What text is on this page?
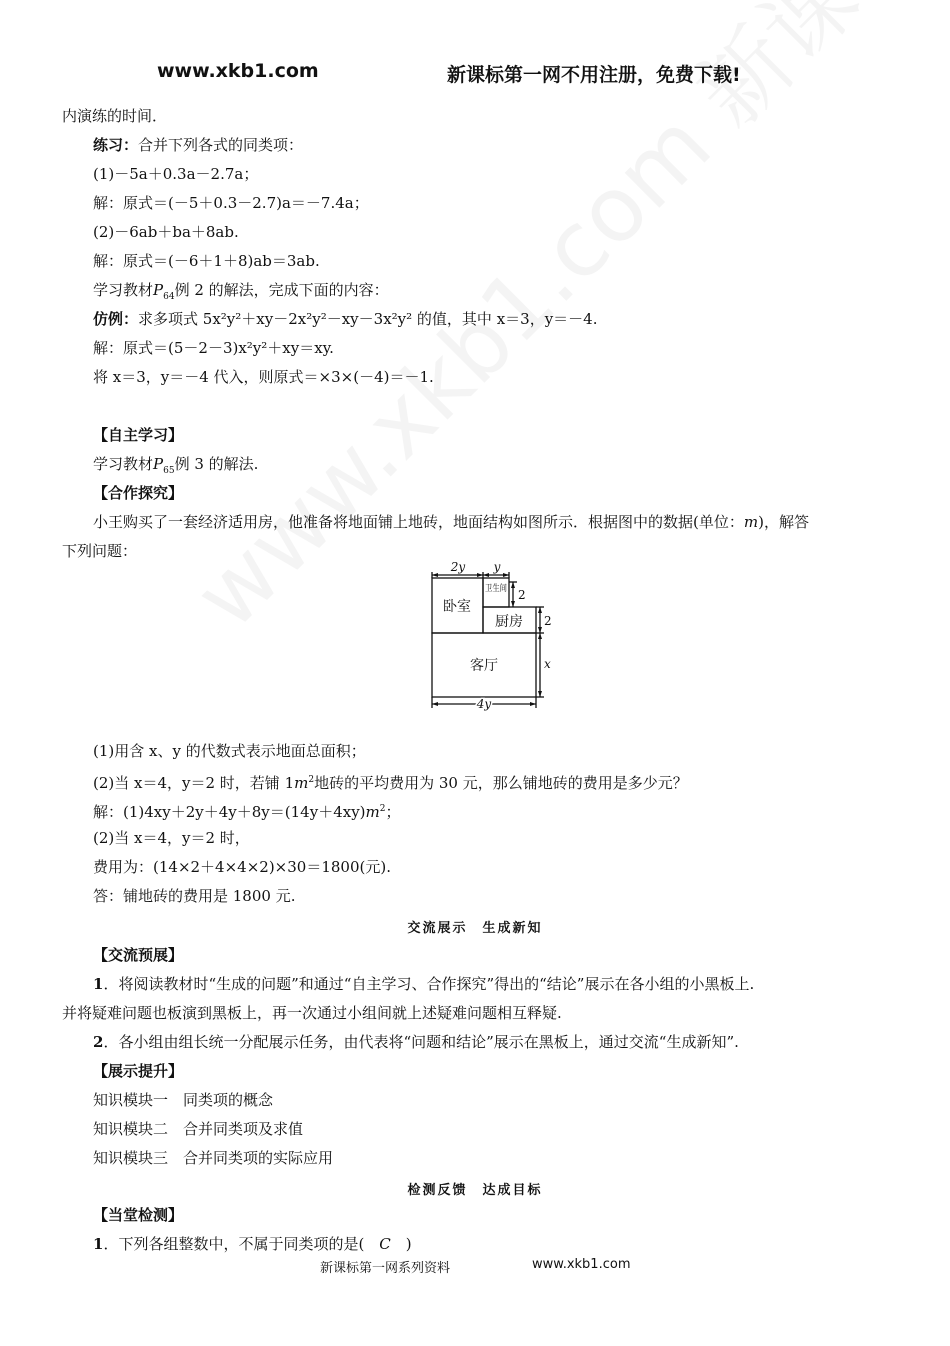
www.xkb1.com	新课标第一网不用注册，免费下载!
内演练的时间．
练习：合并下列各式的同类项：
(1)－5a＋0.3a－2.7a；
解：原式＝(－5＋0.3－2.7)a＝－7.4a；
(2)－6ab＋ba＋8ab.
解：原式＝(－6＋1＋8)ab＝3ab.
学习教材$P_{64}$例 2 的解法，完成下面的内容：
仿例：求多项式 5x²y²＋xy－2x²y²－xy－3x²y² 的值，其中 x＝3，y＝－4.
解：原式＝(5－2－3)x²y²＋xy＝xy.
将 x＝3，y＝－4 代入，则原式＝×3×(－4)＝－1.
【自主学习】
学习教材$P_{65}$例 3 的解法.
【合作探究】
小王购买了一套经济适用房，他准备将地面铺上地砖，地面结构如图所示．根据图中的数据(单位：m)，解答
下列问题：
2y y
卫生间
卧室
厨房
客厅
2
2
x
4y
(1)用含 x、y 的代数式表示地面总面积；
(2)当 x＝4，y＝2 时，若铺 $1m^2$地砖的平均费用为 30 元，那么铺地砖的费用是多少元？
解：$(1)4xy+2y+4y+8y=(14y+4xy)m^2$；
(2)当 x＝4，y＝2 时，
费用为：(14×2＋4×4×2)×30＝1800(元).
答：铺地砖的费用是 1800 元.
交流展示　生成新知
【交流预展】
1．将阅读教材时“生成的问题”和通过“自主学习、合作探究”得出的“结论”展示在各小组的小黑板上.
并将疑难问题也板演到黑板上，再一次通过小组间就上述疑难问题相互释疑.
2．各小组由组长统一分配展示任务，由代表将“问题和结论”展示在黑板上，通过交流“生成新知”.
【展示提升】
知识模块一　同类项的概念
知识模块二　合并同类项及求值
知识模块三　合并同类项的实际应用
检测反馈　达成目标
【当堂检测】
1．下列各组整数中，不属于同类项的是(　C　)
新课标第一网系列资料	www.xkb1.com
